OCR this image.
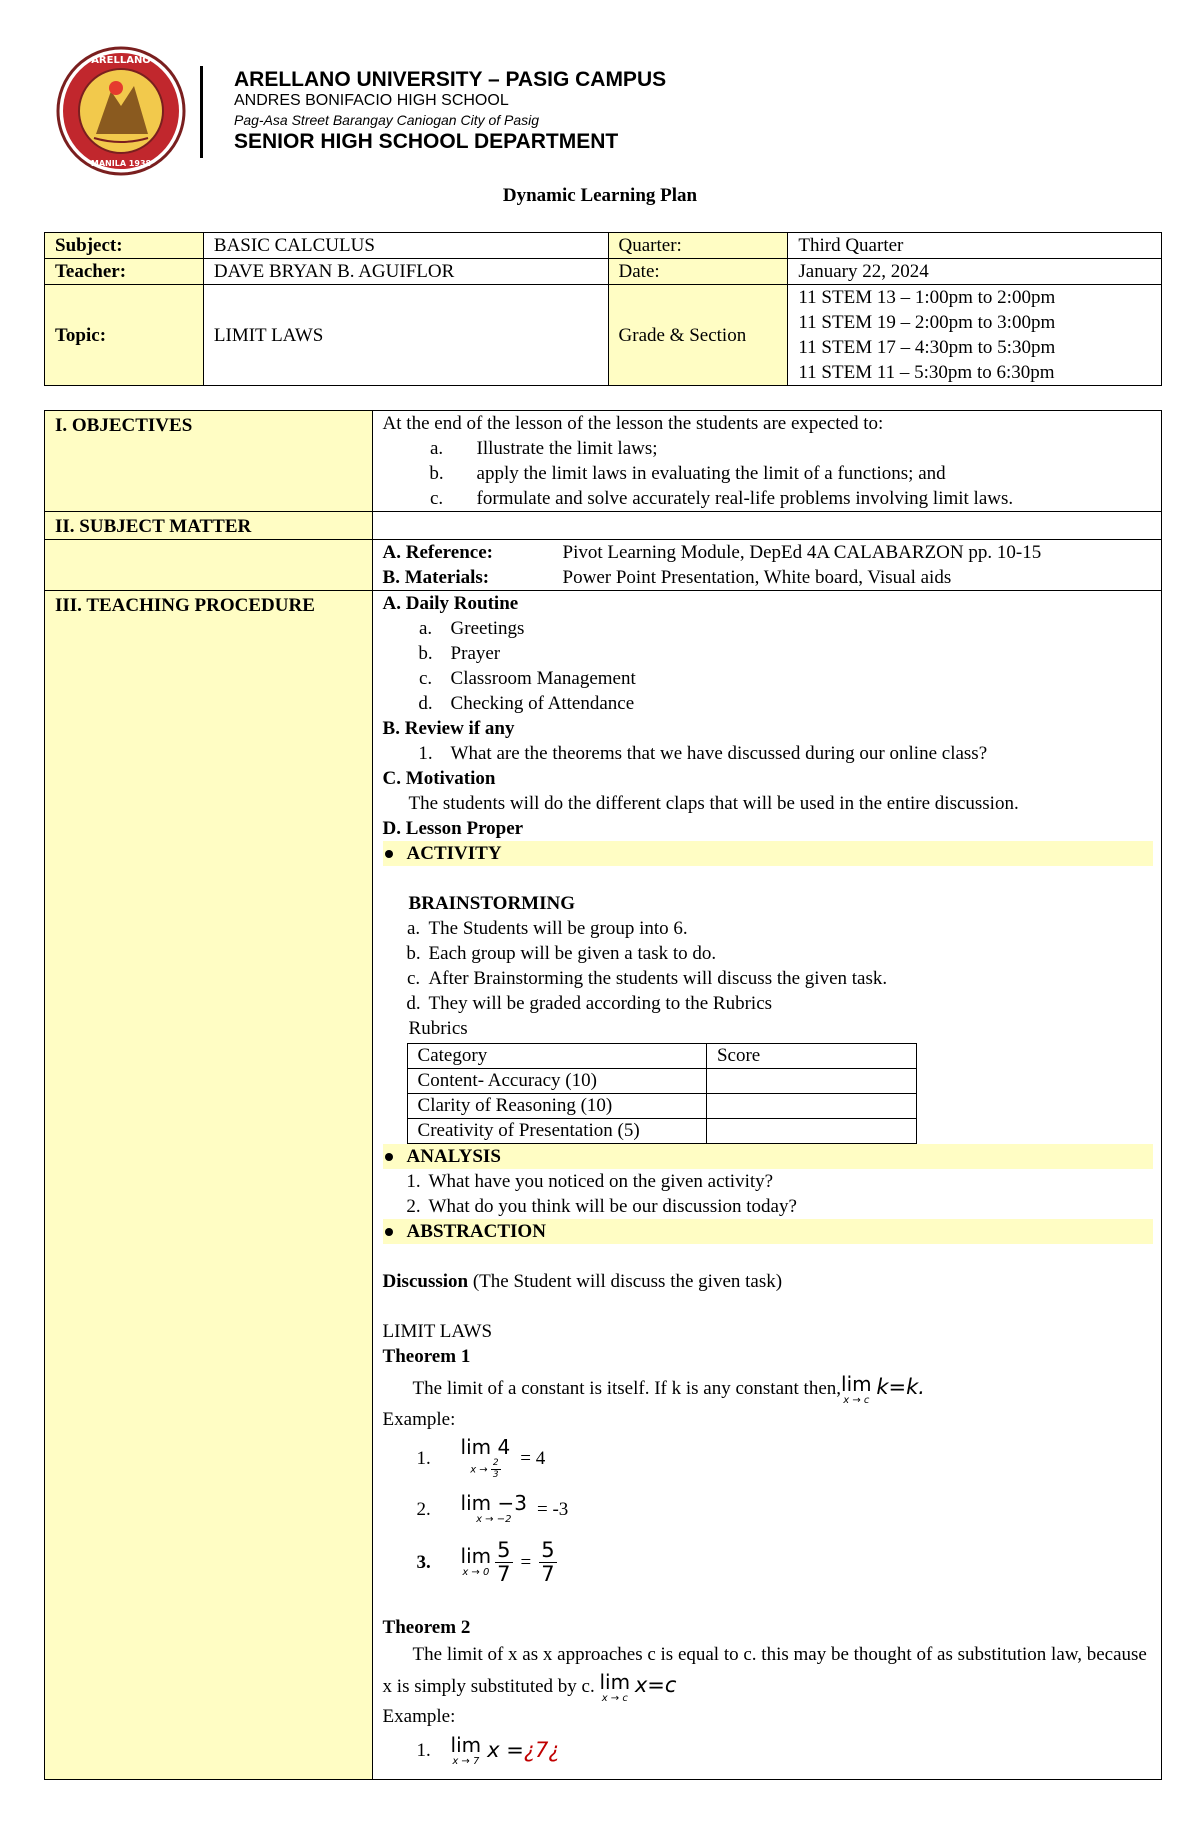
ARELLANO
MANILA 1938
ARELLANO UNIVERSITY – PASIG CAMPUS
ANDRES BONIFACIO HIGH SCHOOL
Pag-Asa Street Barangay Caniogan City of Pasig
SENIOR HIGH SCHOOL DEPARTMENT
Dynamic Learning Plan
Subject:	BASIC CALCULUS	Quarter:	Third Quarter
Teacher:	DAVE BRYAN B. AGUIFLOR	Date:	January 22, 2024
Topic:	LIMIT LAWS	Grade & Section	11 STEM 13 – 1:00pm to 2:00pm
11 STEM 19 – 2:00pm to 3:00pm
11 STEM 17 – 4:30pm to 5:30pm
11 STEM 11 – 5:30pm to 6:30pm
I. OBJECTIVES	At the end of the lesson of the lesson the students are expected to:
a. Illustrate the limit laws;
b. apply the limit laws in evaluating the limit of a functions; and
c. formulate and solve accurately real-life problems involving limit laws.

II. SUBJECT MATTER	

A. Reference:	Pivot Learning Module, DepEd 4A CALABARZON pp. 10-15
B. Materials:	Power Point Presentation, White board, Visual aids

III. TEACHING PROCEDURE	A. Daily Routine
a. Greetings
b. Prayer
c. Classroom Management
d. Checking of Attendance
B. Review if any
1. What are the theorems that we have discussed during our online class?
C. Motivation
The students will do the different claps that will be used in the entire discussion.
D. Lesson Proper
ACTIVITY

BRAINSTORMING
a. The Students will be group into 6.
b. Each group will be given a task to do.
c. After Brainstorming the students will discuss the given task.
d. They will be graded according to the Rubrics
Rubrics
Category	Score
Content- Accuracy (10)	
Clarity of Reasoning (10)	
Creativity of Presentation (5)	
ANALYSIS
1. What have you noticed on the given activity?
2. What do you think will be our discussion today?
ABSTRACTION

Discussion (The Student will discuss the given task)

LIMIT LAWS
Theorem 1
The limit of a constant is itself. If k is any constant then, lim
x → c
k=k.
Example:
1.	lim 4
$x \to \frac{2}{3}$
= 4
2.	lim −3
x → −2	= -3
3.	lim
$x \to 0 \frac{5}{7} = \frac{5}{7}$

Theorem 2
The limit of x as x approaches c is equal to c. this may be thought of as substitution law, because x is simply substituted by c. lim
x → c
x=c
Example:
1. lim
x → 7 x = ¿7¿
